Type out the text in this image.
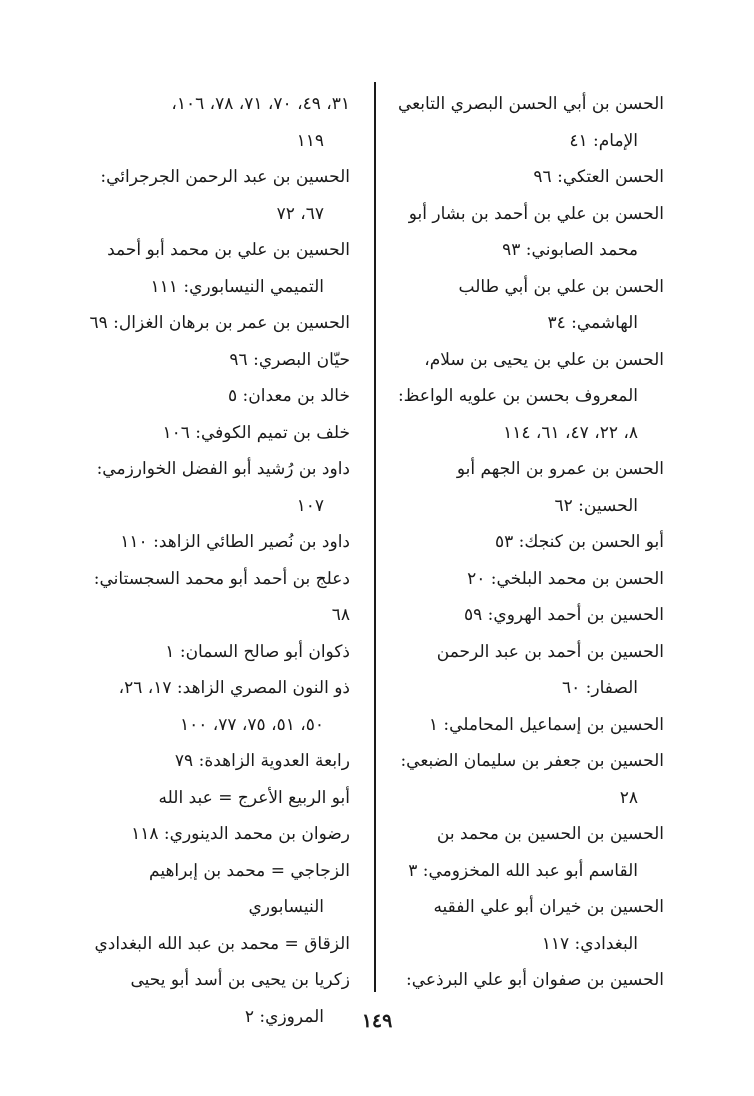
الحسن بن أبي الحسن البصري التابعي

الإمام: ٤١
الحسن العتكي: ٩٦
الحسن بن علي بن أحمد بن بشار أبو

محمد الصابوني: ٩٣
الحسن بن علي بن أبي طالب

الهاشمي: ٣٤
الحسن بن علي بن يحيى بن سلام،

المعروف بحسن بن علويه الواعظ:
٨، ٢٢، ٤٧، ٦١، ١١٤
الحسن بن عمرو بن الجهم أبو

الحسين: ٦٢
أبو الحسن بن كنجك: ٥٣
الحسن بن محمد البلخي: ٢٠
الحسين بن أحمد الهروي: ٥٩
الحسين بن أحمد بن عبد الرحمن

الصفار: ٦٠
الحسين بن إسماعيل المحاملي: ١
الحسين بن جعفر بن سليمان الضبعي:

٢٨
الحسين بن الحسين بن محمد بن

القاسم أبو عبد الله المخزومي: ٣
الحسين بن خيران أبو علي الفقيه

البغدادي: ١١٧
الحسين بن صفوان أبو علي البرذعي:
٣١، ٤٩، ٧٠، ٧١، ٧٨، ١٠٦،

١١٩
الحسين بن عبد الرحمن الجرجرائي:

٦٧، ٧٢
الحسين بن علي بن محمد أبو أحمد

التميمي النيسابوري: ١١١
الحسين بن عمر بن برهان الغزال: ٦٩
حيّان البصري: ٩٦
خالد بن معدان: ٥
خلف بن تميم الكوفي: ١٠٦
داود بن رُشيد أبو الفضل الخوارزمي:

١٠٧
داود بن نُصير الطائي الزاهد: ١١٠
دعلج بن أحمد أبو محمد السجستاني: ٦٨
ذكوان أبو صالح السمان: ١
ذو النون المصري الزاهد: ١٧، ٢٦،

٥٠، ٥١، ٧٥، ٧٧، ١٠٠
رابعة العدوية الزاهدة: ٧٩
أبو الربيع الأعرج = عبد الله
رضوان بن محمد الدينوري: ١١٨
الزجاجي = محمد بن إبراهيم

النيسابوري
الزقاق = محمد بن عبد الله البغدادي
زكريا بن يحيى بن أسد أبو يحيى

المروزي: ٢	١٤٩
